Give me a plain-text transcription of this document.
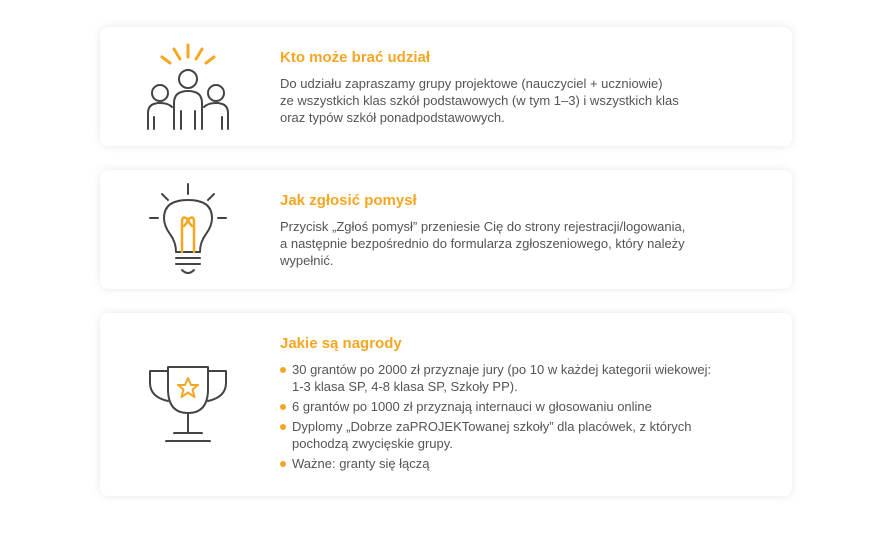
Kto może brać udział

Do udziału zapraszamy grupy projektowe (nauczyciel + uczniowie)
ze wszystkich klas szkół podstawowych (w tym 1–3) i wszystkich klas
oraz typów szkół ponadpodstawowych.

Jak zgłosić pomysł

Przycisk „Zgłoś pomysł” przeniesie Cię do strony rejestracji/logowania,
a następnie bezpośrednio do formularza zgłoszeniowego, który należy
wypełnić.

Jakie są nagrody
30 grantów po 2000 zł przyznaje jury (po 10 w każdej kategorii wiekowej:
1-3 klasa SP, 4-8 klasa SP, Szkoły PP).
6 grantów po 1000 zł przyznają internauci w głosowaniu online
Dyplomy „Dobrze zaPROJEKTowanej szkoły” dla placówek, z których
pochodzą zwycięskie grupy.
Ważne: granty się łączą
